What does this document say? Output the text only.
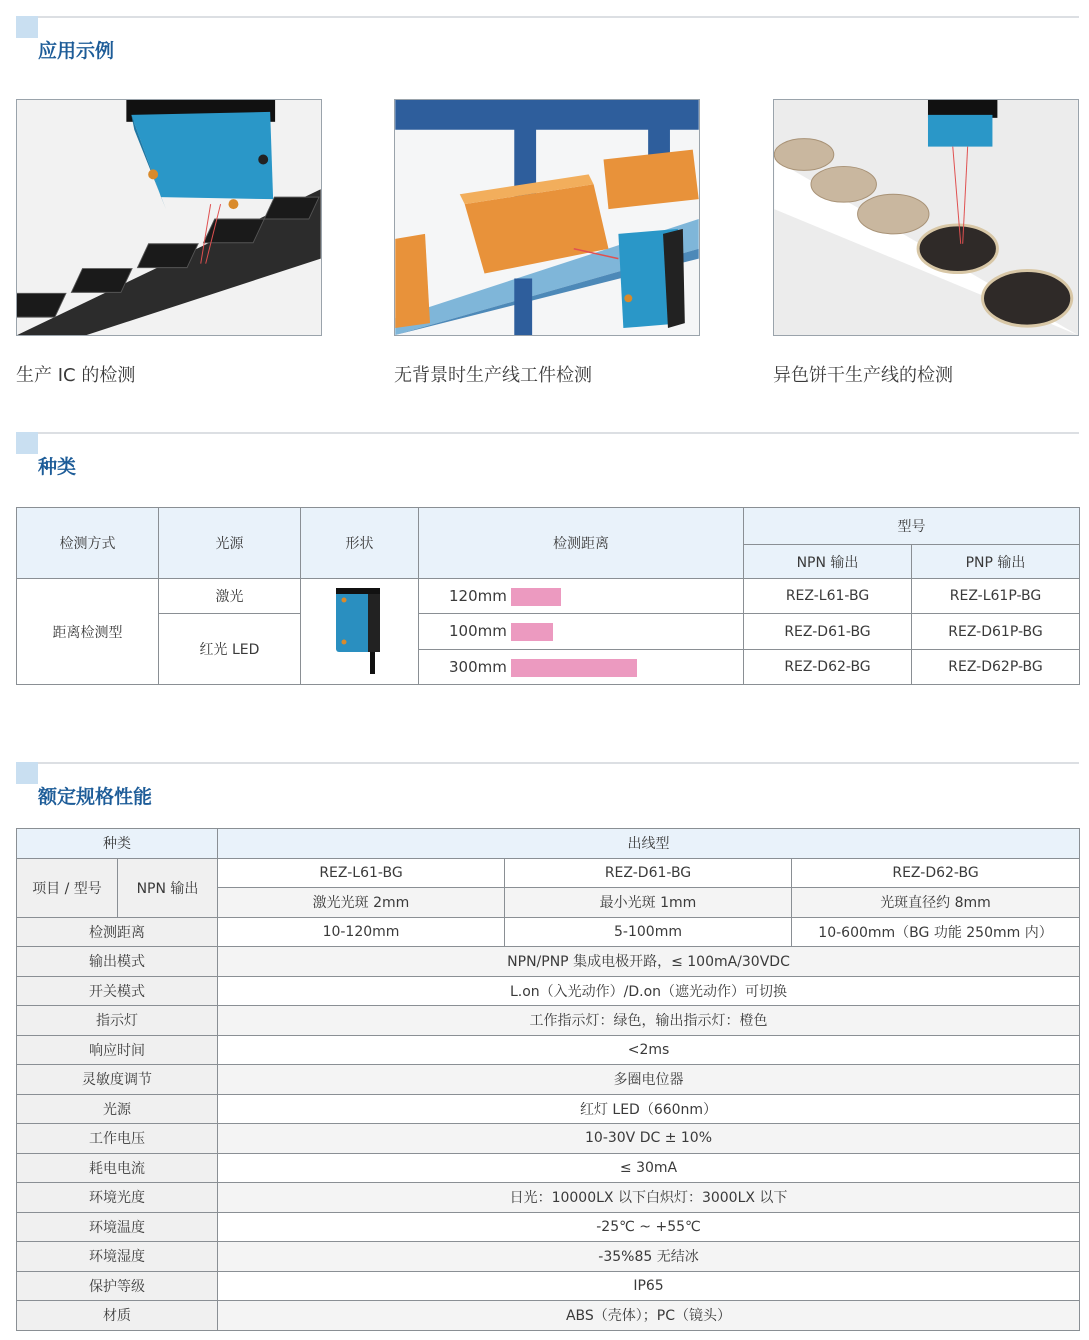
应用示例
生产 IC 的检测	无背景时生产线工件检测	异色饼干生产线的检测
种类
检测方式	光源	形状	检测距离	型号	
				NPN 输出	PNP 输出
距离检测型	激光		120mm	REZ-L61-BG	REZ-L61P-BG
	红光 LED		100mm	REZ-D61-BG	REZ-D61P-BG
			300mm	REZ-D62-BG	REZ-D62P-BG
额定规格性能
种类		出线型		
项目 / 型号	NPN 输出	REZ-L61-BG	REZ-D61-BG	REZ-D62-BG
		激光光斑 2mm	最小光斑 1mm	光斑直径约 8mm
检测距离		10-120mm	5-100mm	10-600mm（BG 功能 250mm 内）
输出模式		NPN/PNP 集成电极开路，≤ 100mA/30VDC		
开关模式		L.on（入光动作）/D.on（遮光动作）可切换		
指示灯		工作指示灯：绿色，输出指示灯：橙色		
响应时间		<2ms		
灵敏度调节		多圈电位器		
光源		红灯 LED（660nm）		
工作电压		10-30V DC ± 10%		
耗电电流		≤ 30mA		
环境光度		日光：10000LX 以下白炽灯：3000LX 以下		
环境温度		-25℃ ~ +55℃		
环境湿度		-35%85 无结冰		
保护等级		IP65		
材质		ABS（壳体）；PC（镜头）		
